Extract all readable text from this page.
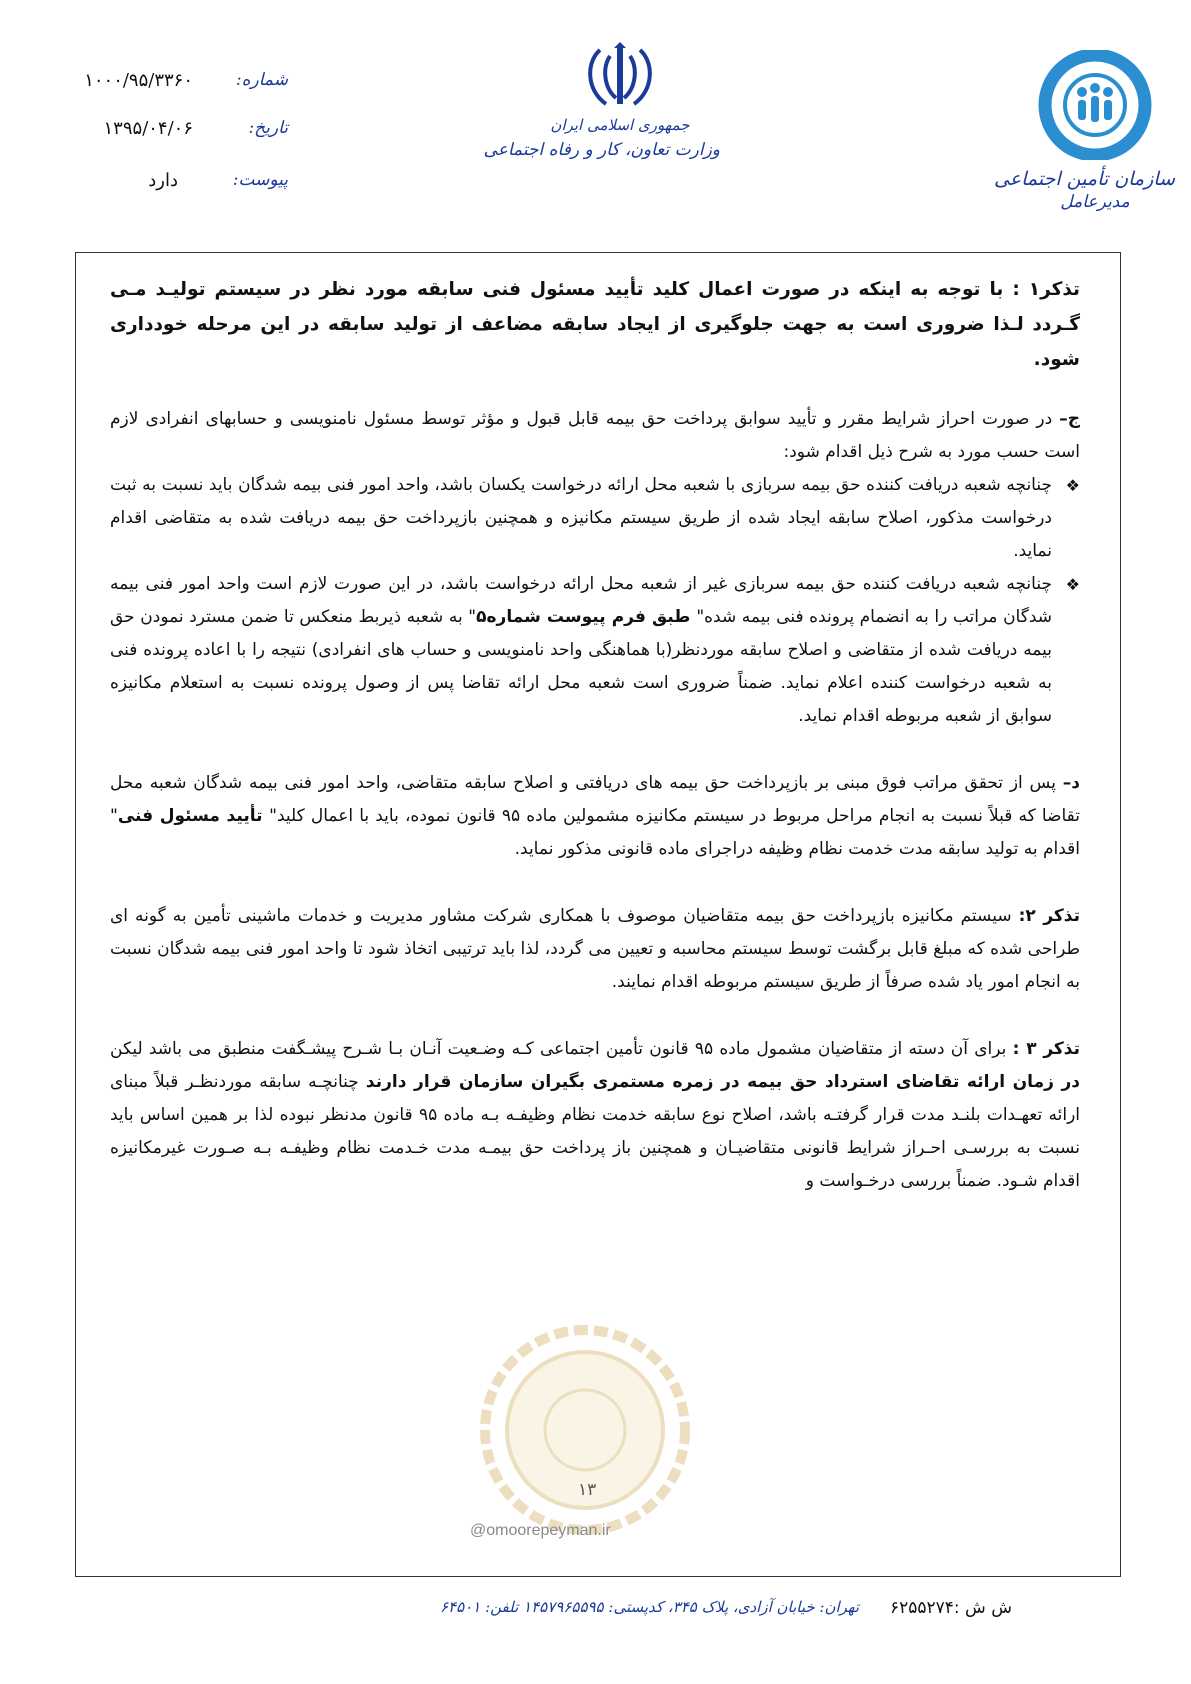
شماره:
۱۰۰۰/۹۵/۳۳۶۰
تاریخ:
۱۳۹۵/۰۴/۰۶
پیوست:
دارد
جمهوری اسلامی ایران
وزارت تعاون، کار و رفاه اجتماعی
سازمان تأمین اجتماعی
مدیرعامل

تذکر۱ : با توجه به اینکه در صورت اعمال کلید تأیید مسئول فنی سابقه مورد نظر در سیستم تولیـد مـی گـردد لـذا ضروری است به جهت جلوگیری از ایجاد سابقه مضاعف از تولید سابقه در این مرحله خودداری شود.

ج– در صورت احراز شرایط مقرر و تأیید سوابق پرداخت حق بیمه قابل قبول و مؤثر توسط مسئول نامنویسی و حسابهای انفرادی لازم است حسب مورد به شرح ذیل اقدام شود:

❖
چنانچه شعبه دریافت کننده حق بیمه سربازی با شعبه محل ارائه درخواست یکسان باشد، واحد امور فنی بیمه شدگان باید نسبت به ثبت درخواست مذکور، اصلاح سابقه ایجاد شده از طریق سیستم مکانیزه و همچنین بازپرداخت حق بیمه دریافت شده به متقاضی اقدام نماید.

❖
چنانچه شعبه دریافت کننده حق بیمه سربازی غیر از شعبه محل ارائه درخواست باشد، در این صورت لازم است واحد امور فنی بیمه شدگان مراتب را به انضمام پرونده فنی بیمه شده" طبق فرم پیوست شماره۵" به شعبه ذیربط منعکس تا ضمن مسترد نمودن حق بیمه دریافت شده از متقاضی و اصلاح سابقه موردنظر(با هماهنگی واحد نامنویسی و حساب های انفرادی) نتیجه را با اعاده پرونده فنی به شعبه درخواست کننده اعلام نماید. ضمناً ضروری است شعبه محل ارائه تقاضا پس از وصول پرونده نسبت به استعلام مکانیزه سوابق از شعبه مربوطه اقدام نماید.

د– پس از تحقق مراتب فوق مبنی بر بازپرداخت حق بیمه های دریافتی و اصلاح سابقه متقاضی، واحد امور فنی بیمه شدگان شعبه محل تقاضا که قبلاً نسبت به انجام مراحل مربوط در سیستم مکانیزه مشمولین ماده ۹۵ قانون نموده، باید با اعمال کلید" تأیید مسئول فنی" اقدام به تولید سابقه مدت خدمت نظام وظیفه دراجرای ماده قانونی مذکور نماید.

تذکر ۲: سیستم مکانیزه بازپرداخت حق بیمه متقاضیان موصوف با همکاری شرکت مشاور مدیریت و خدمات ماشینی تأمین به گونه ای طراحی شده که مبلغ قابل برگشت توسط سیستم محاسبه و تعیین می گردد، لذا باید ترتیبی اتخاذ شود تا واحد امور فنی بیمه شدگان نسبت به انجام امور یاد شده صرفاً از طریق سیستم مربوطه اقدام نمایند.

تذکر ۳ : برای آن دسته از متقاضیان مشمول ماده ۹۵ قانون تأمین اجتماعی کـه وضـعیت آنـان بـا شـرح پیشـگفت منطبق می باشد لیکن در زمان ارائه تقاضای استرداد حق بیمه در زمره مستمری بگیران سازمان قرار دارند چنانچـه سابقه موردنظـر قبلاً مبنای ارائه تعهـدات بلنـد مدت قرار گرفتـه باشد، اصلاح نوع سابقه خدمت نظام وظیفـه بـه ماده ۹۵ قانون مدنظر نبوده لذا بر همین اساس باید نسبت به بررسـی احـراز شرایط قانونی متقاضیـان و همچنین باز پرداخت حق بیمـه مدت خـدمت نظام وظیفـه بـه صـورت غیرمکانیزه اقدام شـود. ضمناً بررسی درخـواست و

۱۳
@omoorepeyman.ir
تهران: خیابان آزادی، پلاک ۳۴۵، کدپستی: ۱۴۵۷۹۶۵۵۹۵ تلفن: ۶۴۵۰۱ ش ش :۶۲۵۵۲۷۴
